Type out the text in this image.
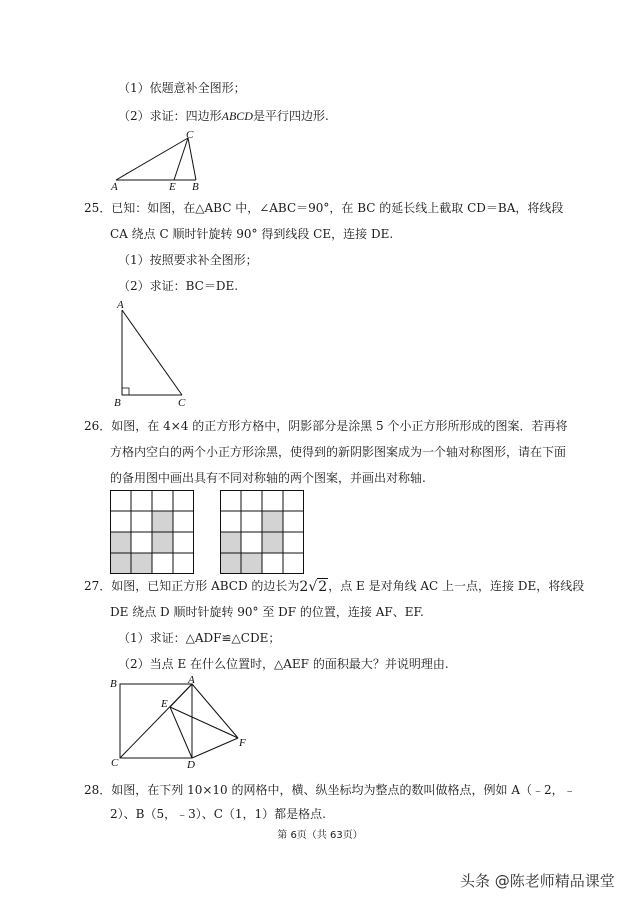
（1）依题意补全图形；
（2）求证：四边形ABCD是平行四边形.
A	E B
C
25．已知：如图，在△ABC 中，∠ABC＝90°，在 BC 的延长线上截取 CD＝BA，将线段
CA 绕点 C 顺时针旋转 90° 得到线段 CE，连接 DE.
（1）按照要求补全图形；
（2）求证：BC＝DE.
A
B	C
26．如图，在 4×4 的正方形方格中，阴影部分是涂黑 5 个小正方形所形成的图案．若再将
方格内空白的两个小正方形涂黑，使得到的新阴影图案成为一个轴对称图形，请在下面
的备用图中画出具有不同对称轴的两个图案，并画出对称轴.
27．如图，已知正方形 ABCD 的边长为2√2，点 E 是对角线 AC 上一点，连接 DE，将线段
DE 绕点 D 顺时针旋转 90° 至 DF 的位置，连接 AF、EF.
（1）求证：△ADF≌△CDE；
（2）当点 E 在什么位置时，△AEF 的面积最大？并说明理由.
B	A
E
F
C	D
28．如图，在下列 10×10 的网格中，横、纵坐标均为整点的数叫做格点，例如 A（﹣2，﹣
2）、B（5，﹣3）、C（1，1）都是格点.
第 6页（共 63页）
头条 @陈老师精品课堂
